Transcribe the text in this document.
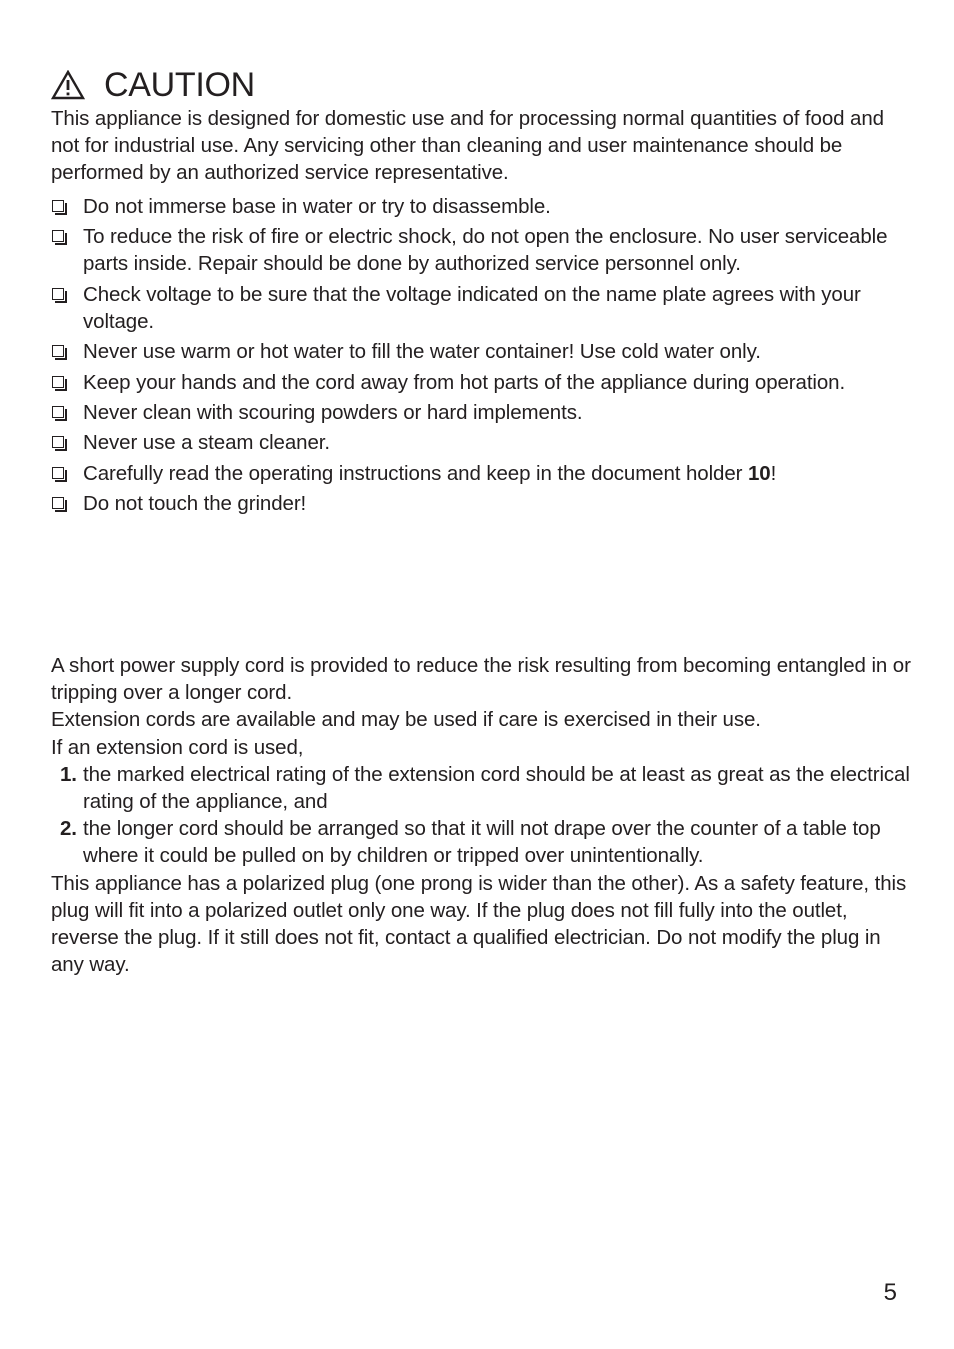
CAUTION

This appliance is designed for domestic use and for processing normal quantities of food and not for industrial use. Any servicing other than cleaning and user maintenance should be performed by an authorized service representative.

Do not immerse base in water or try to disassemble.
To reduce the risk of fire or electric shock, do not open the enclosure. No user serviceable parts inside. Repair should be done by authorized service personnel only.
Check voltage to be sure that the voltage indicated on the name plate agrees with your voltage.
Never use warm or hot water to fill the water container! Use cold water only.
Keep your hands and the cord away from hot parts of the appliance during operation.
Never clean with scouring powders or hard implements.
Never use a steam cleaner.
Carefully read the operating instructions and keep in the document holder 10!
Do not touch the grinder!

A short power supply cord is provided to reduce the risk resulting from becoming entangled in or tripping over a longer cord.

Extension cords are available and may be used if care is exercised in their use.

If an extension cord is used,

1. the marked electrical rating of the extension cord should be at least as great as the electrical rating of the appliance, and
2. the longer cord should be arranged so that it will not drape over the counter of a table top where it could be pulled on by children or tripped over unintentionally.

This appliance has a polarized plug (one prong is wider than the other). As a safety feature, this plug will fit into a polarized outlet only one way. If the plug does not fill fully into the outlet, reverse the plug. If it still does not fit, contact a qualified electrician. Do not modify the plug in any way.

5
